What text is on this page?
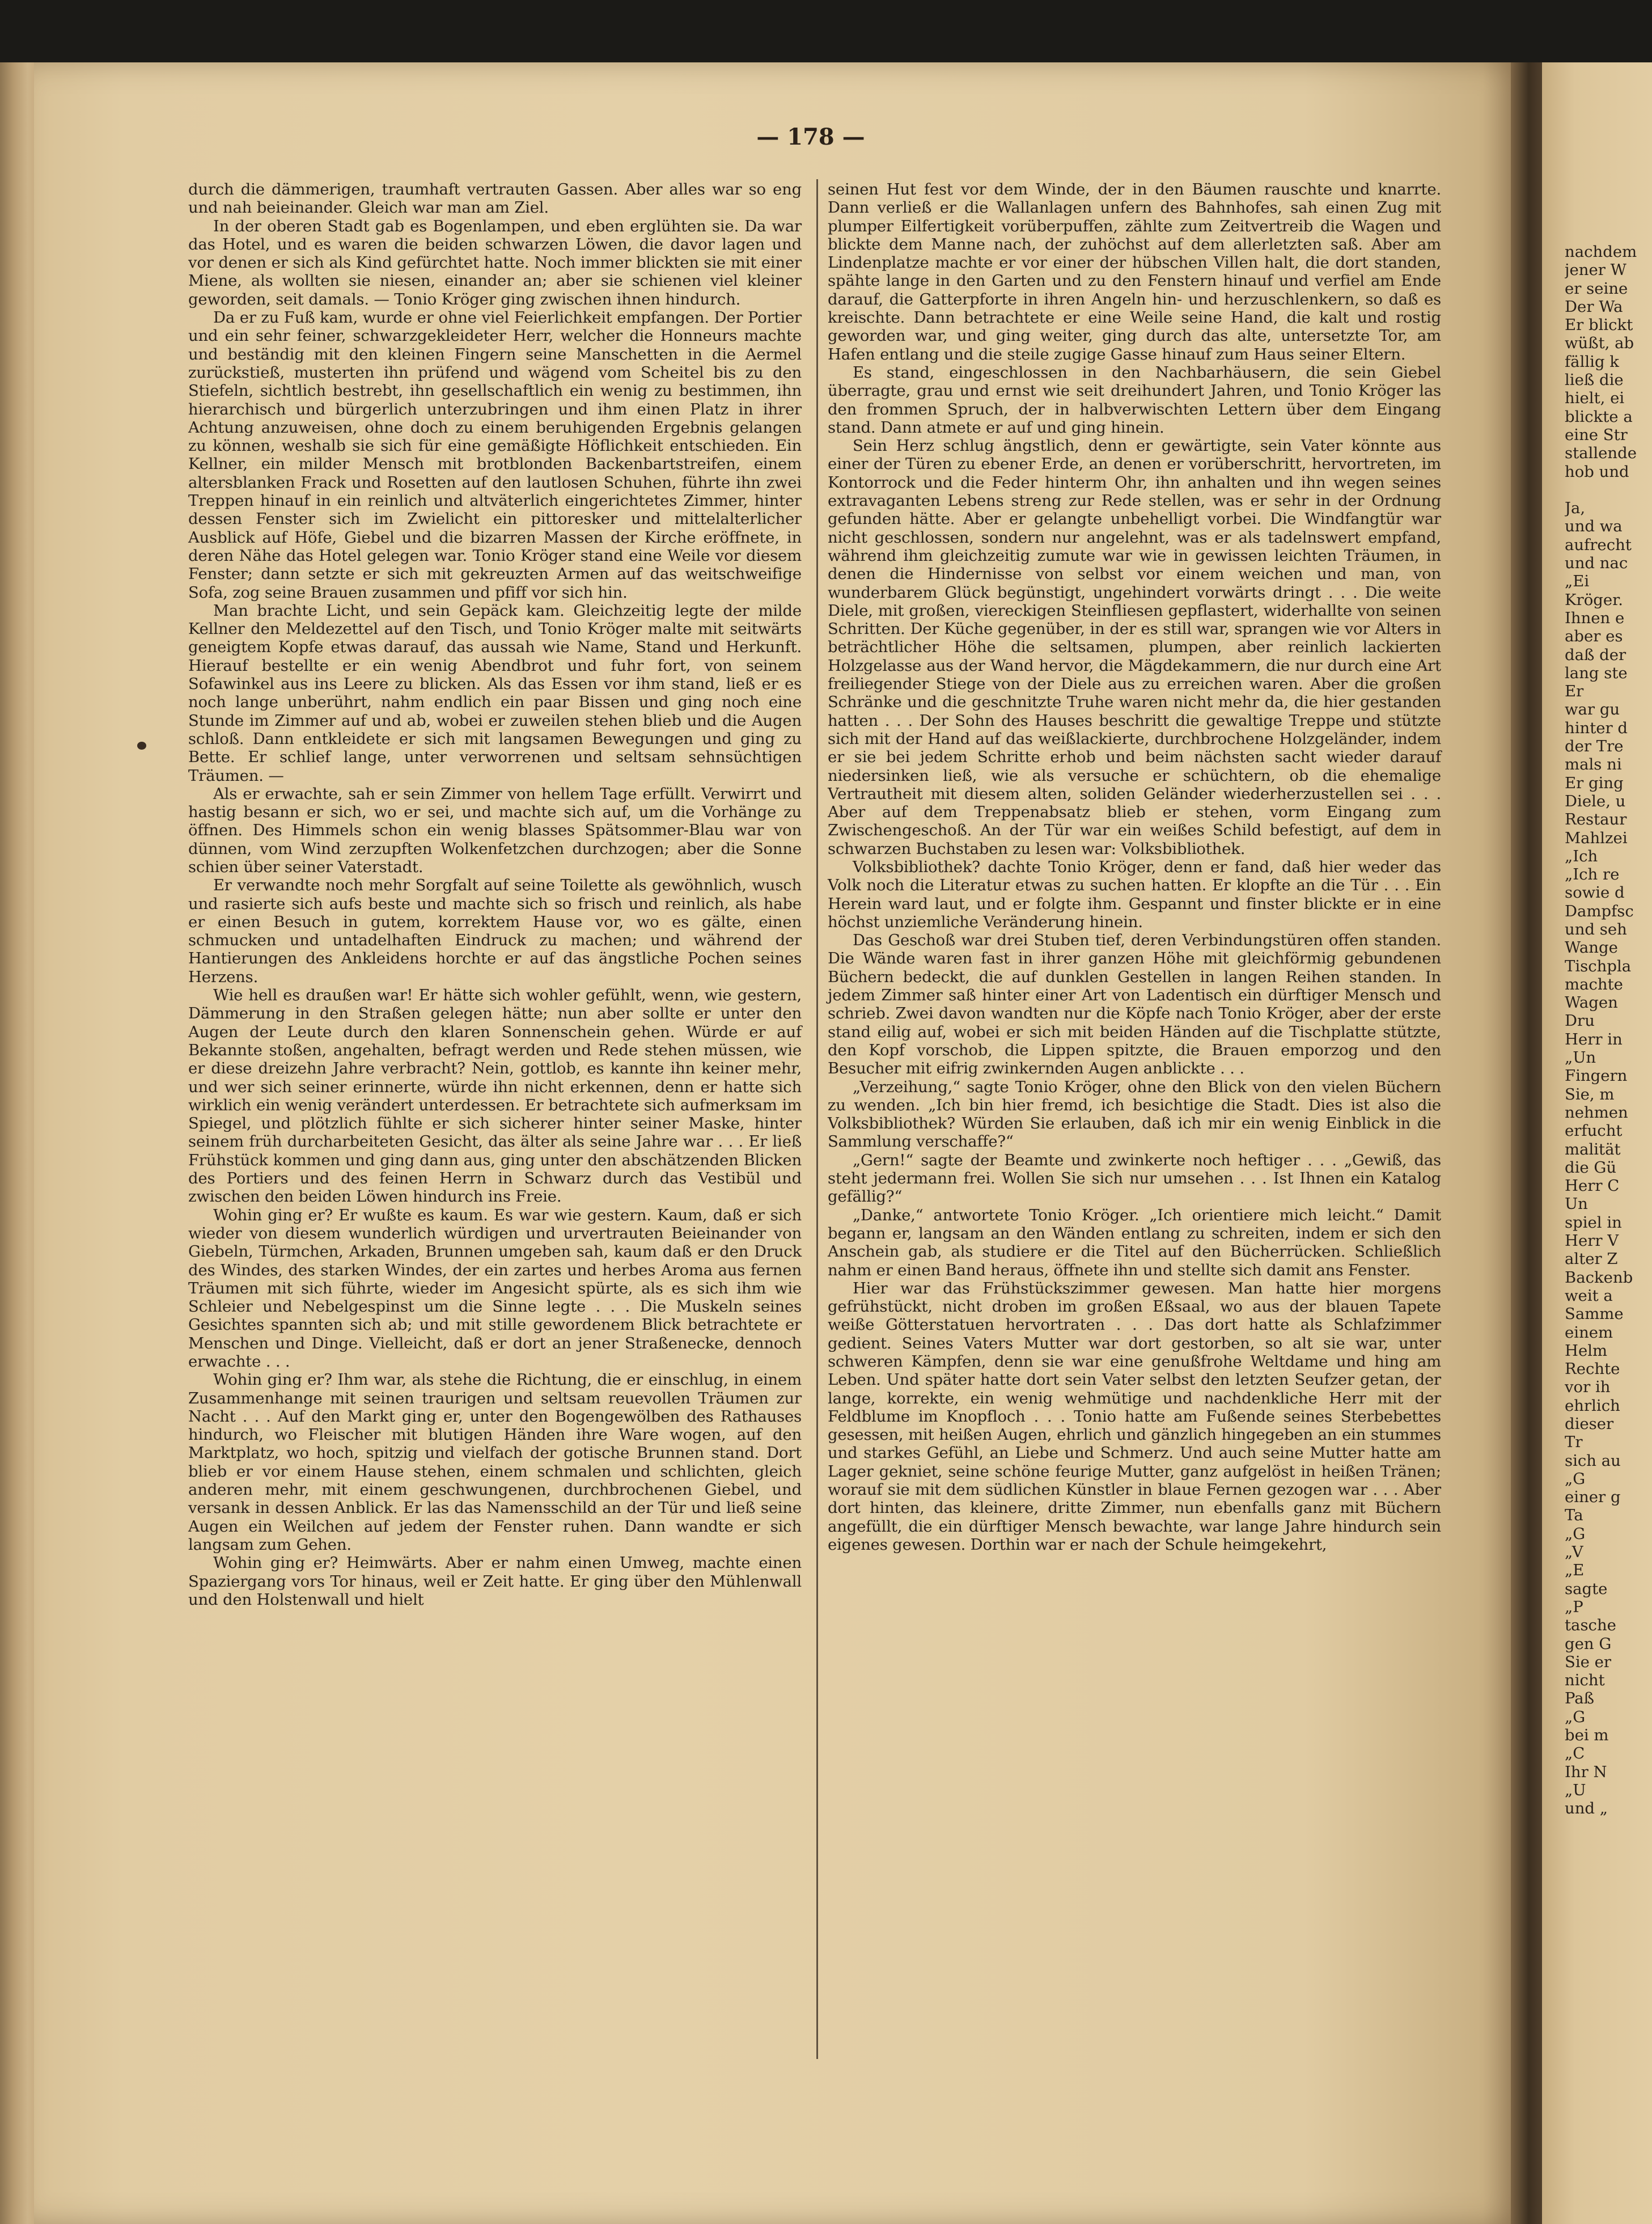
nachdem
jener W
er seine
Der Wa
Er blickt
wüßt, ab
fällig k
ließ die
hielt, ei
blickte a
eine Str
stallende
hob und
Ja,
und wa
aufrecht
und nac
„Ei
Kröger.
Ihnen e
aber es
daß der
lang ste
Er
war gu
hinter d
der Tre
mals ni
Er ging
Diele, u
Restaur
Mahlzei
„Ich
„Ich re
sowie d
Dampfsc
und seh
Wange
Tischpla
machte
Wagen
Dru
Herr in
„Un
Fingern
Sie, m
nehmen
erfucht
malität
die Gü
Herr C
Un
spiel in
Herr V
alter Z
Backenb
weit a
Samme
einem
Helm
Rechte
vor ih
ehrlich
dieser
Tr
sich au
„G
einer g
Ta
„G
„V
„E
sagte
„P
tasche
gen G
Sie er
nicht
Paß
„G
bei m
„C
Ihr N
„U
und „
— 178 —

durch die dämmerigen, traumhaft vertrauten Gassen. Aber alles war so eng und nah beieinander. Gleich war man am Ziel.

In der oberen Stadt gab es Bogenlampen, und eben erglühten sie. Da war das Hotel, und es waren die beiden schwarzen Löwen, die davor lagen und vor denen er sich als Kind gefürchtet hatte. Noch immer blickten sie mit einer Miene, als wollten sie niesen, einander an; aber sie schienen viel kleiner geworden, seit damals. — Tonio Kröger ging zwischen ihnen hindurch.

Da er zu Fuß kam, wurde er ohne viel Feierlichkeit empfangen. Der Portier und ein sehr feiner, schwarzgekleideter Herr, welcher die Honneurs machte und beständig mit den kleinen Fingern seine Manschetten in die Aermel zurückstieß, musterten ihn prüfend und wägend vom Scheitel bis zu den Stiefeln, sichtlich bestrebt, ihn gesellschaftlich ein wenig zu bestimmen, ihn hierarchisch und bürgerlich unterzubringen und ihm einen Platz in ihrer Achtung anzuweisen, ohne doch zu einem beruhigenden Ergebnis gelangen zu können, weshalb sie sich für eine gemäßigte Höflichkeit entschieden. Ein Kellner, ein milder Mensch mit brotblonden Backenbartstreifen, einem altersblanken Frack und Rosetten auf den lautlosen Schuhen, führte ihn zwei Treppen hinauf in ein reinlich und altväterlich eingerichtetes Zimmer, hinter dessen Fenster sich im Zwielicht ein pittoresker und mittelalterlicher Ausblick auf Höfe, Giebel und die bizarren Massen der Kirche eröffnete, in deren Nähe das Hotel gelegen war. Tonio Kröger stand eine Weile vor diesem Fenster; dann setzte er sich mit gekreuzten Armen auf das weitschweifige Sofa, zog seine Brauen zusammen und pfiff vor sich hin.

Man brachte Licht, und sein Gepäck kam. Gleichzeitig legte der milde Kellner den Meldezettel auf den Tisch, und Tonio Kröger malte mit seitwärts geneigtem Kopfe etwas darauf, das aussah wie Name, Stand und Herkunft. Hierauf bestellte er ein wenig Abendbrot und fuhr fort, von seinem Sofawinkel aus ins Leere zu blicken. Als das Essen vor ihm stand, ließ er es noch lange unberührt, nahm endlich ein paar Bissen und ging noch eine Stunde im Zimmer auf und ab, wobei er zuweilen stehen blieb und die Augen schloß. Dann entkleidete er sich mit langsamen Bewegungen und ging zu Bette. Er schlief lange, unter verworrenen und seltsam sehnsüchtigen Träumen. —

Als er erwachte, sah er sein Zimmer von hellem Tage erfüllt. Verwirrt und hastig besann er sich, wo er sei, und machte sich auf, um die Vorhänge zu öffnen. Des Himmels schon ein wenig blasses Spätsommer-Blau war von dünnen, vom Wind zerzupften Wolkenfetzchen durchzogen; aber die Sonne schien über seiner Vaterstadt.

Er verwandte noch mehr Sorgfalt auf seine Toilette als gewöhnlich, wusch und rasierte sich aufs beste und machte sich so frisch und reinlich, als habe er einen Besuch in gutem, korrektem Hause vor, wo es gälte, einen schmucken und untadelhaften Eindruck zu machen; und während der Hantierungen des Ankleidens horchte er auf das ängstliche Pochen seines Herzens.

Wie hell es draußen war! Er hätte sich wohler gefühlt, wenn, wie gestern, Dämmerung in den Straßen gelegen hätte; nun aber sollte er unter den Augen der Leute durch den klaren Sonnenschein gehen. Würde er auf Bekannte stoßen, angehalten, befragt werden und Rede stehen müssen, wie er diese dreizehn Jahre verbracht? Nein, gottlob, es kannte ihn keiner mehr, und wer sich seiner erinnerte, würde ihn nicht erkennen, denn er hatte sich wirklich ein wenig verändert unterdessen. Er betrachtete sich aufmerksam im Spiegel, und plötzlich fühlte er sich sicherer hinter seiner Maske, hinter seinem früh durcharbeiteten Gesicht, das älter als seine Jahre war . . . Er ließ Frühstück kommen und ging dann aus, ging unter den abschätzenden Blicken des Portiers und des feinen Herrn in Schwarz durch das Vestibül und zwischen den beiden Löwen hindurch ins Freie.

Wohin ging er? Er wußte es kaum. Es war wie gestern. Kaum, daß er sich wieder von diesem wunderlich würdigen und urvertrauten Beieinander von Giebeln, Türmchen, Arkaden, Brunnen umgeben sah, kaum daß er den Druck des Windes, des starken Windes, der ein zartes und herbes Aroma aus fernen Träumen mit sich führte, wieder im Angesicht spürte, als es sich ihm wie Schleier und Nebelgespinst um die Sinne legte . . . Die Muskeln seines Gesichtes spannten sich ab; und mit stille gewordenem Blick betrachtete er Menschen und Dinge. Vielleicht, daß er dort an jener Straßenecke, dennoch erwachte . . .

Wohin ging er? Ihm war, als stehe die Richtung, die er einschlug, in einem Zusammenhange mit seinen traurigen und seltsam reuevollen Träumen zur Nacht . . . Auf den Markt ging er, unter den Bogengewölben des Rathauses hindurch, wo Fleischer mit blutigen Händen ihre Ware wogen, auf den Marktplatz, wo hoch, spitzig und vielfach der gotische Brunnen stand. Dort blieb er vor einem Hause stehen, einem schmalen und schlichten, gleich anderen mehr, mit einem geschwungenen, durchbrochenen Giebel, und versank in dessen Anblick. Er las das Namensschild an der Tür und ließ seine Augen ein Weilchen auf jedem der Fenster ruhen. Dann wandte er sich langsam zum Gehen.

Wohin ging er? Heimwärts. Aber er nahm einen Umweg, machte einen Spaziergang vors Tor hinaus, weil er Zeit hatte. Er ging über den Mühlenwall und den Holstenwall und hielt

seinen Hut fest vor dem Winde, der in den Bäumen rauschte und knarrte. Dann verließ er die Wallanlagen unfern des Bahnhofes, sah einen Zug mit plumper Eilfertigkeit vorüberpuffen, zählte zum Zeitvertreib die Wagen und blickte dem Manne nach, der zuhöchst auf dem allerletzten saß. Aber am Lindenplatze machte er vor einer der hübschen Villen halt, die dort standen, spähte lange in den Garten und zu den Fenstern hinauf und verfiel am Ende darauf, die Gatterpforte in ihren Angeln hin- und herzuschlenkern, so daß es kreischte. Dann betrachtete er eine Weile seine Hand, die kalt und rostig geworden war, und ging weiter, ging durch das alte, untersetzte Tor, am Hafen entlang und die steile zugige Gasse hinauf zum Haus seiner Eltern.

Es stand, eingeschlossen in den Nachbarhäusern, die sein Giebel überragte, grau und ernst wie seit dreihundert Jahren, und Tonio Kröger las den frommen Spruch, der in halbverwischten Lettern über dem Eingang stand. Dann atmete er auf und ging hinein.

Sein Herz schlug ängstlich, denn er gewärtigte, sein Vater könnte aus einer der Türen zu ebener Erde, an denen er vorüberschritt, hervortreten, im Kontorrock und die Feder hinterm Ohr, ihn anhalten und ihn wegen seines extravaganten Lebens streng zur Rede stellen, was er sehr in der Ordnung gefunden hätte. Aber er gelangte unbehelligt vorbei. Die Windfangtür war nicht geschlossen, sondern nur angelehnt, was er als tadelnswert empfand, während ihm gleichzeitig zumute war wie in gewissen leichten Träumen, in denen die Hindernisse von selbst vor einem weichen und man, von wunderbarem Glück begünstigt, ungehindert vorwärts dringt . . . Die weite Diele, mit großen, viereckigen Steinfliesen gepflastert, widerhallte von seinen Schritten. Der Küche gegenüber, in der es still war, sprangen wie vor Alters in beträchtlicher Höhe die seltsamen, plumpen, aber reinlich lackierten Holzgelasse aus der Wand hervor, die Mägdekammern, die nur durch eine Art freiliegender Stiege von der Diele aus zu erreichen waren. Aber die großen Schränke und die geschnitzte Truhe waren nicht mehr da, die hier gestanden hatten . . . Der Sohn des Hauses beschritt die gewaltige Treppe und stützte sich mit der Hand auf das weißlackierte, durchbrochene Holzgeländer, indem er sie bei jedem Schritte erhob und beim nächsten sacht wieder darauf niedersinken ließ, wie als versuche er schüchtern, ob die ehemalige Vertrautheit mit diesem alten, soliden Geländer wiederherzustellen sei . . . Aber auf dem Treppenabsatz blieb er stehen, vorm Eingang zum Zwischengeschoß. An der Tür war ein weißes Schild befestigt, auf dem in schwarzen Buchstaben zu lesen war: Volksbibliothek.

Volksbibliothek? dachte Tonio Kröger, denn er fand, daß hier weder das Volk noch die Literatur etwas zu suchen hatten. Er klopfte an die Tür . . . Ein Herein ward laut, und er folgte ihm. Gespannt und finster blickte er in eine höchst unziemliche Veränderung hinein.

Das Geschoß war drei Stuben tief, deren Verbindungstüren offen standen. Die Wände waren fast in ihrer ganzen Höhe mit gleichförmig gebundenen Büchern bedeckt, die auf dunklen Gestellen in langen Reihen standen. In jedem Zimmer saß hinter einer Art von Ladentisch ein dürftiger Mensch und schrieb. Zwei davon wandten nur die Köpfe nach Tonio Kröger, aber der erste stand eilig auf, wobei er sich mit beiden Händen auf die Tischplatte stützte, den Kopf vorschob, die Lippen spitzte, die Brauen emporzog und den Besucher mit eifrig zwinkernden Augen anblickte . . .

„Verzeihung,“ sagte Tonio Kröger, ohne den Blick von den vielen Büchern zu wenden. „Ich bin hier fremd, ich besichtige die Stadt. Dies ist also die Volksbibliothek? Würden Sie erlauben, daß ich mir ein wenig Einblick in die Sammlung verschaffe?“

„Gern!“ sagte der Beamte und zwinkerte noch heftiger . . . „Gewiß, das steht jedermann frei. Wollen Sie sich nur umsehen . . . Ist Ihnen ein Katalog gefällig?“

„Danke,“ antwortete Tonio Kröger. „Ich orientiere mich leicht.“ Damit begann er, langsam an den Wänden entlang zu schreiten, indem er sich den Anschein gab, als studiere er die Titel auf den Bücherrücken. Schließlich nahm er einen Band heraus, öffnete ihn und stellte sich damit ans Fenster.

Hier war das Frühstückszimmer gewesen. Man hatte hier morgens gefrühstückt, nicht droben im großen Eßsaal, wo aus der blauen Tapete weiße Götterstatuen hervortraten . . . Das dort hatte als Schlafzimmer gedient. Seines Vaters Mutter war dort gestorben, so alt sie war, unter schweren Kämpfen, denn sie war eine genußfrohe Weltdame und hing am Leben. Und später hatte dort sein Vater selbst den letzten Seufzer getan, der lange, korrekte, ein wenig wehmütige und nachdenkliche Herr mit der Feldblume im Knopfloch . . . Tonio hatte am Fußende seines Sterbebettes gesessen, mit heißen Augen, ehrlich und gänzlich hingegeben an ein stummes und starkes Gefühl, an Liebe und Schmerz. Und auch seine Mutter hatte am Lager gekniet, seine schöne feurige Mutter, ganz aufgelöst in heißen Tränen; worauf sie mit dem südlichen Künstler in blaue Fernen gezogen war . . . Aber dort hinten, das kleinere, dritte Zimmer, nun ebenfalls ganz mit Büchern angefüllt, die ein dürftiger Mensch bewachte, war lange Jahre hindurch sein eigenes gewesen. Dorthin war er nach der Schule heimgekehrt,
